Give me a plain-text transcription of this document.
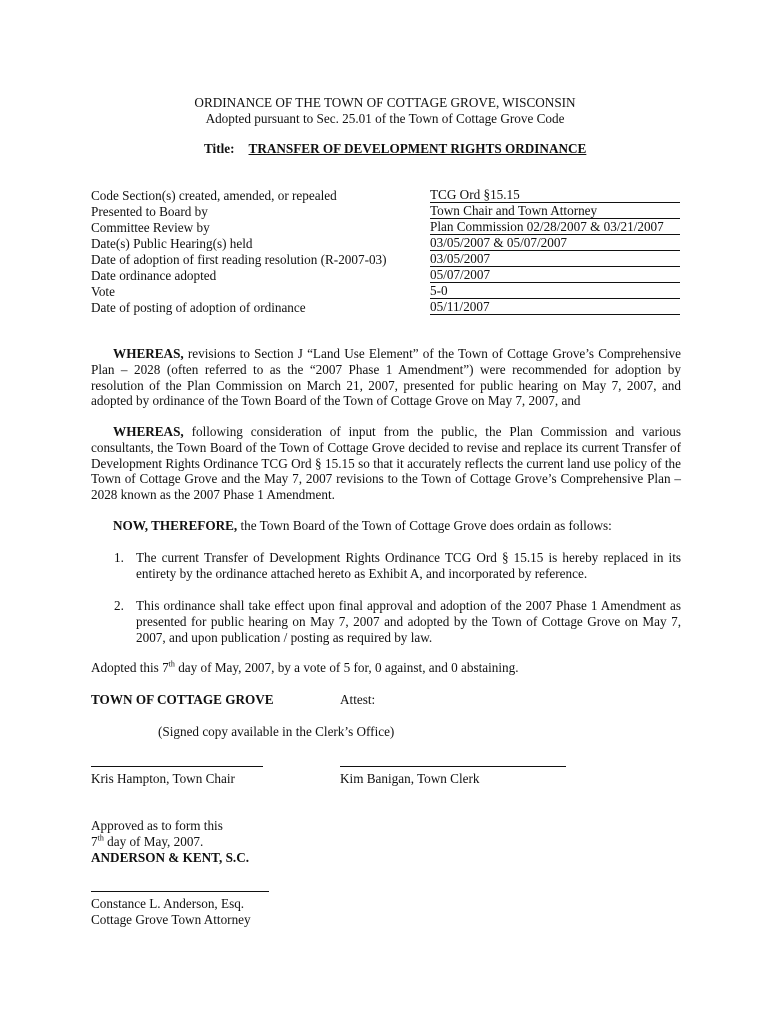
ORDINANCE OF THE TOWN OF COTTAGE GROVE, WISCONSIN
Adopted pursuant to Sec. 25.01 of the Town of Cottage Grove Code
Title: TRANSFER OF DEVELOPMENT RIGHTS ORDINANCE
Code Section(s) created, amended, or repealed	TCG Ord §15.15
Presented to Board by	Town Chair and Town Attorney
Committee Review by	Plan Commission 02/28/2007 & 03/21/2007
Date(s) Public Hearing(s) held	03/05/2007 & 05/07/2007
Date of adoption of first reading resolution (R-2007-03)	03/05/2007
Date ordinance adopted	05/07/2007
Vote	5-0
Date of posting of adoption of ordinance	05/11/2007
WHEREAS, revisions to Section J “Land Use Element” of the Town of Cottage Grove’s Comprehensive Plan – 2028 (often referred to as the “2007 Phase 1 Amendment”) were recommended for adoption by resolution of the Plan Commission on March 21, 2007, presented for public hearing on May 7, 2007, and adopted by ordinance of the Town Board of the Town of Cottage Grove on May 7, 2007, and
WHEREAS, following consideration of input from the public, the Plan Commission and various consultants, the Town Board of the Town of Cottage Grove decided to revise and replace its current Transfer of Development Rights Ordinance TCG Ord § 15.15 so that it accurately reflects the current land use policy of the Town of Cottage Grove and the May 7, 2007 revisions to the Town of Cottage Grove’s Comprehensive Plan – 2028 known as the 2007 Phase 1 Amendment.
NOW, THEREFORE, the Town Board of the Town of Cottage Grove does ordain as follows:
1. The current Transfer of Development Rights Ordinance TCG Ord § 15.15 is hereby replaced in its entirety by the ordinance attached hereto as Exhibit A, and incorporated by reference.
2. This ordinance shall take effect upon final approval and adoption of the 2007 Phase 1 Amendment as presented for public hearing on May 7, 2007 and adopted by the Town of Cottage Grove on May 7, 2007, and upon publication / posting as required by law.
Adopted this 7th day of May, 2007, by a vote of 5 for, 0 against, and 0 abstaining.
TOWN OF COTTAGE GROVE	Attest:
(Signed copy available in the Clerk’s Office)
Kris Hampton, Town Chair	Kim Banigan, Town Clerk
Approved as to form this
7th day of May, 2007.
ANDERSON & KENT, S.C.
Constance L. Anderson, Esq.
Cottage Grove Town Attorney
